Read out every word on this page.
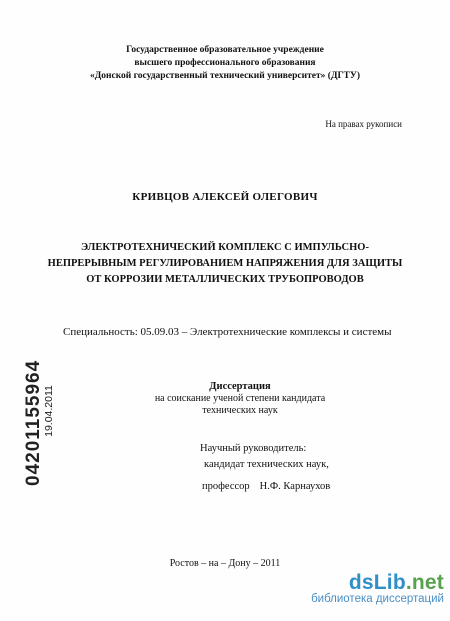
Государственное образовательное учреждение
высшего профессионального образования
«Донской государственный технический университет» (ДГТУ)
На правах рукописи
КРИВЦОВ АЛЕКСЕЙ ОЛЕГОВИЧ
ЭЛЕКТРОТЕХНИЧЕСКИЙ КОМПЛЕКС С ИМПУЛЬСНО-
НЕПРЕРЫВНЫМ РЕГУЛИРОВАНИЕМ НАПРЯЖЕНИЯ ДЛЯ ЗАЩИТЫ
ОТ КОРРОЗИИ МЕТАЛЛИЧЕСКИХ ТРУБОПРОВОДОВ
Специальность: 05.09.03 – Электротехнические комплексы и системы
Диссертация
на соискание ученой степени кандидата
технических наук
Научный руководитель:
кандидат технических наук,
профессор Н.Ф. Карнаухов
Ростов – на – Дону – 2011
04201155964 19.04.2011
dsLib.net
библиотека диссертаций
